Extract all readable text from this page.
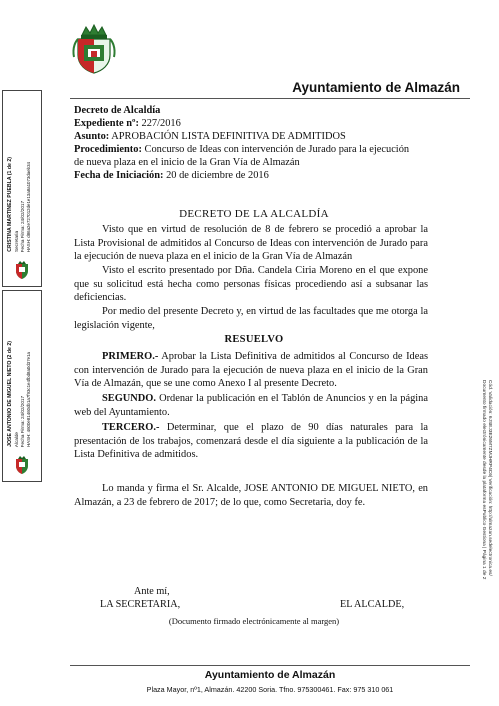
Ayuntamiento de Almazán
Decreto de Alcaldía
Expediente nº: 227/2016
Asunto: APROBACIÓN LISTA DEFINITIVA DE ADMITIDOS
Procedimiento: Concurso de Ideas con intervención de Jurado para la ejecución de nueva plaza en el inicio de la Gran Vía de Almazán
Fecha de Iniciación: 20 de diciembre de 2016
DECRETO DE LA ALCALDÍA
Visto que en virtud de resolución de 8 de febrero se procedió a aprobar la Lista Provisional de admitidos al Concurso de Ideas con intervención de Jurado para la ejecución de nueva plaza en el inicio de la Gran Vía de Almazán
Visto el escrito presentado por Dña. Candela Ciria Moreno en el que expone que su solicitud está hecha como personas físicas procediendo así a subsanar las deficiencias.
Por medio del presente Decreto y, en virtud de las facultades que me otorga la legislación vigente,
RESUELVO
PRIMERO.- Aprobar la Lista Definitiva de admitidos al Concurso de Ideas con intervención de Jurado para la ejecución de nueva plaza en el inicio de la Gran Vía de Almazán, que se une como Anexo I al presente Decreto.
SEGUNDO. Ordenar la publicación en el Tablón de Anuncios y en la página web del Ayuntamiento.
TERCERO.- Determinar, que el plazo de 90 días naturales para la presentación de los trabajos, comenzará desde el día siguiente a la publicación de la Lista Definitiva de admitidos.
Lo manda y firma el Sr. Alcalde, JOSE ANTONIO DE MIGUEL NIETO, en Almazán, a 23 de febrero de 2017; de lo que, como Secretaria, doy fe.
Ante mí,
LA SECRETARIA,	EL ALCALDE,
(Documento firmado electrónicamente al margen)
Ayuntamiento de Almazán
Plaza Mayor, nº1, Almazán. 42200 Soria. Tfno. 975300461. Fax: 975 310 061
CRISTINA MARTINEZ PUEBLA (1 de 2) Secretaria Fecha Firma: 24/02/2017 HASH: d86a2e727012de1e13a8a1073daeb34
JOSE ANTONIO DE MIGUEL NIETO (2 de 2) Alcalde Fecha Firma: 24/02/2017 HASH: 4600e81460db1a7f93c1e4fbd8a0d37e1a	Cód. Validación: 6JSEJ3E26M7ZMJHRP4C6| Verificación: http://almazan.sedelectronica.es/
Documento firmado electrónicamente desde la plataforma esPublico Gestiona | Página 1 de 2
